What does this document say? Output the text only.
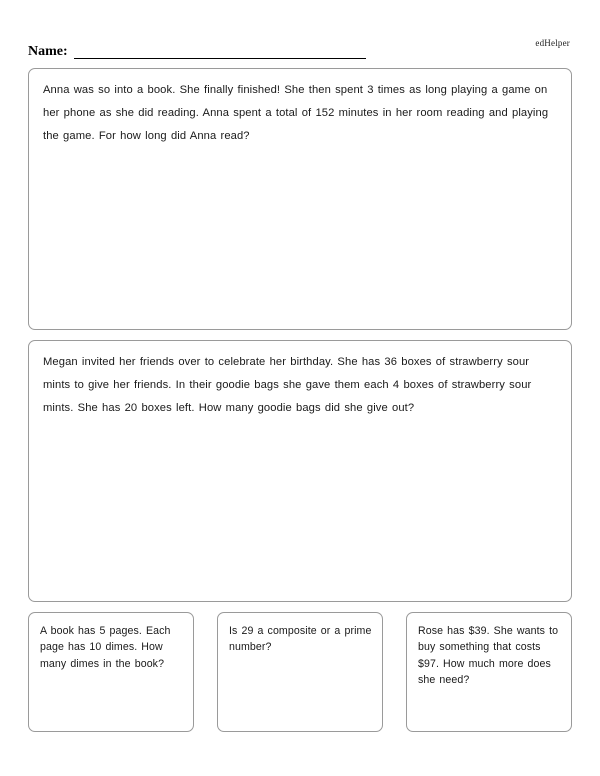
edHelper
Name:
Anna was so into a book. She finally finished! She then spent 3 times as long playing a game on her phone as she did reading. Anna spent a total of 152 minutes in her room reading and playing the game. For how long did Anna read?
Megan invited her friends over to celebrate her birthday. She has 36 boxes of strawberry sour mints to give her friends. In their goodie bags she gave them each 4 boxes of strawberry sour mints. She has 20 boxes left. How many goodie bags did she give out?
A book has 5 pages. Each page has 10 dimes. How many dimes in the book?
Is 29 a composite or a prime number?
Rose has $39. She wants to buy something that costs $97. How much more does she need?
